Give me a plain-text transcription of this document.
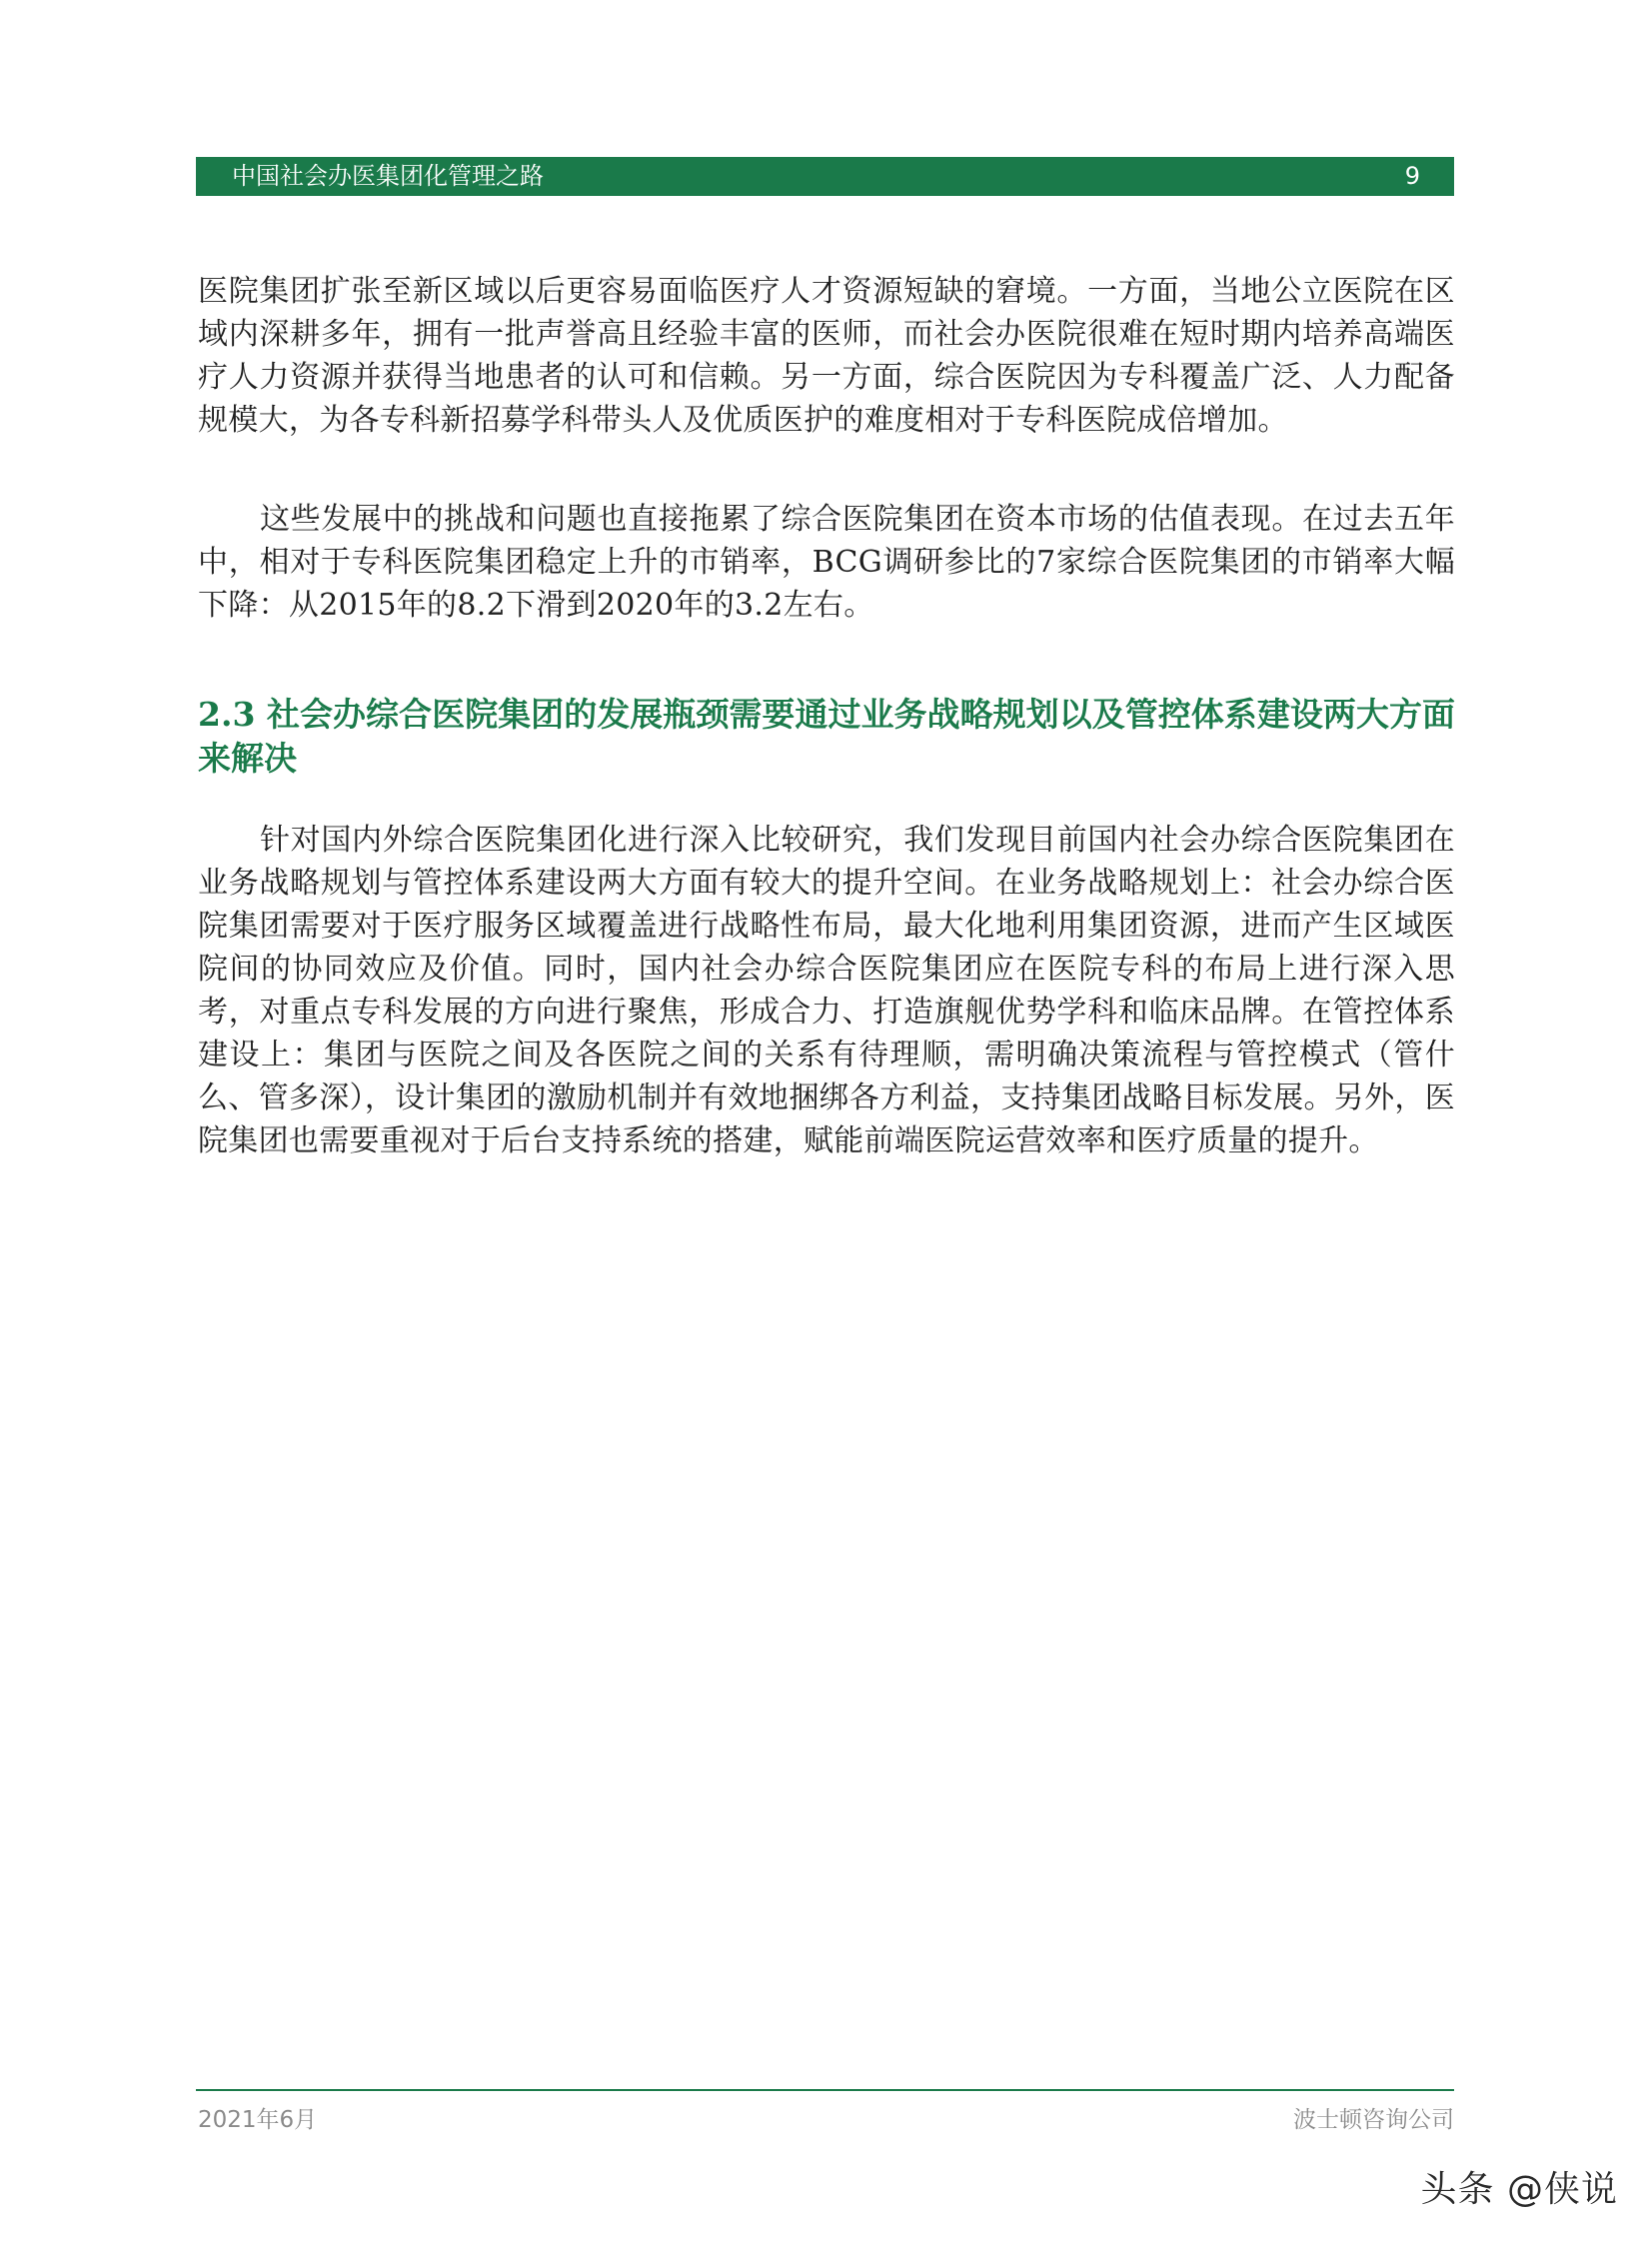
中国社会办医集团化管理之路	9

医院集团扩张至新区域以后更容易面临医疗人才资源短缺的窘境。一方面，当地公立医院在区域内深耕多年，拥有一批声誉高且经验丰富的医师，而社会办医院很难在短时期内培养高端医疗人力资源并获得当地患者的认可和信赖。另一方面，综合医院因为专科覆盖广泛、人力配备规模大，为各专科新招募学科带头人及优质医护的难度相对于专科医院成倍增加。

这些发展中的挑战和问题也直接拖累了综合医院集团在资本市场的估值表现。在过去五年中，相对于专科医院集团稳定上升的市销率，BCG调研参比的7家综合医院集团的市销率大幅下降：从2015年的8.2下滑到2020年的3.2左右。

2.3 社会办综合医院集团的发展瓶颈需要通过业务战略规划以及管控体系建设两大方面来解决

针对国内外综合医院集团化进行深入比较研究，我们发现目前国内社会办综合医院集团在业务战略规划与管控体系建设两大方面有较大的提升空间。在业务战略规划上：社会办综合医院集团需要对于医疗服务区域覆盖进行战略性布局，最大化地利用集团资源，进而产生区域医院间的协同效应及价值。同时，国内社会办综合医院集团应在医院专科的布局上进行深入思考，对重点专科发展的方向进行聚焦，形成合力、打造旗舰优势学科和临床品牌。在管控体系建设上：集团与医院之间及各医院之间的关系有待理顺，需明确决策流程与管控模式（管什么、管多深），设计集团的激励机制并有效地捆绑各方利益，支持集团战略目标发展。另外，医院集团也需要重视对于后台支持系统的搭建，赋能前端医院运营效率和医疗质量的提升。

2021年6月	波士顿咨询公司
头条 @侠说
